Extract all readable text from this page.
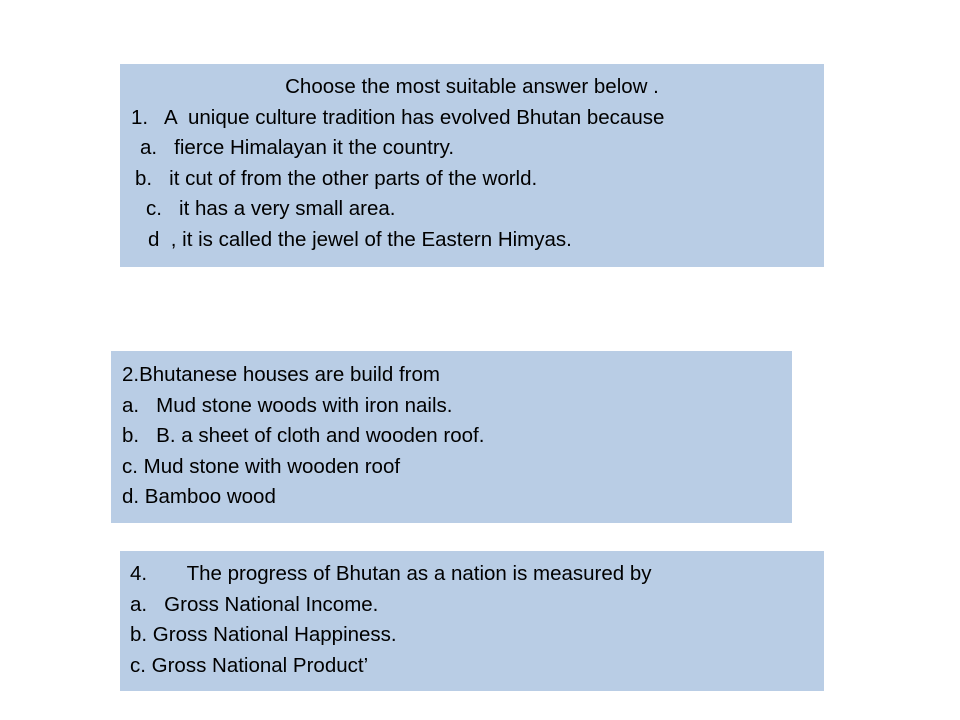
Choose the most suitable answer below .
1.   A  unique culture tradition has evolved Bhutan because
a.   fierce Himalayan it the country.
b.   it cut of from the other parts of the world.
c.   it has a very small area.
d  , it is called the jewel of the Eastern Himyas.
2.Bhutanese houses are build from
a.   Mud stone woods with iron nails.
b.   B. a sheet of cloth and wooden roof.
c. Mud stone with wooden roof
d. Bamboo wood
4.       The progress of Bhutan as a nation is measured by
a.   Gross National Income.
b. Gross National Happiness.
c. Gross National Product’
